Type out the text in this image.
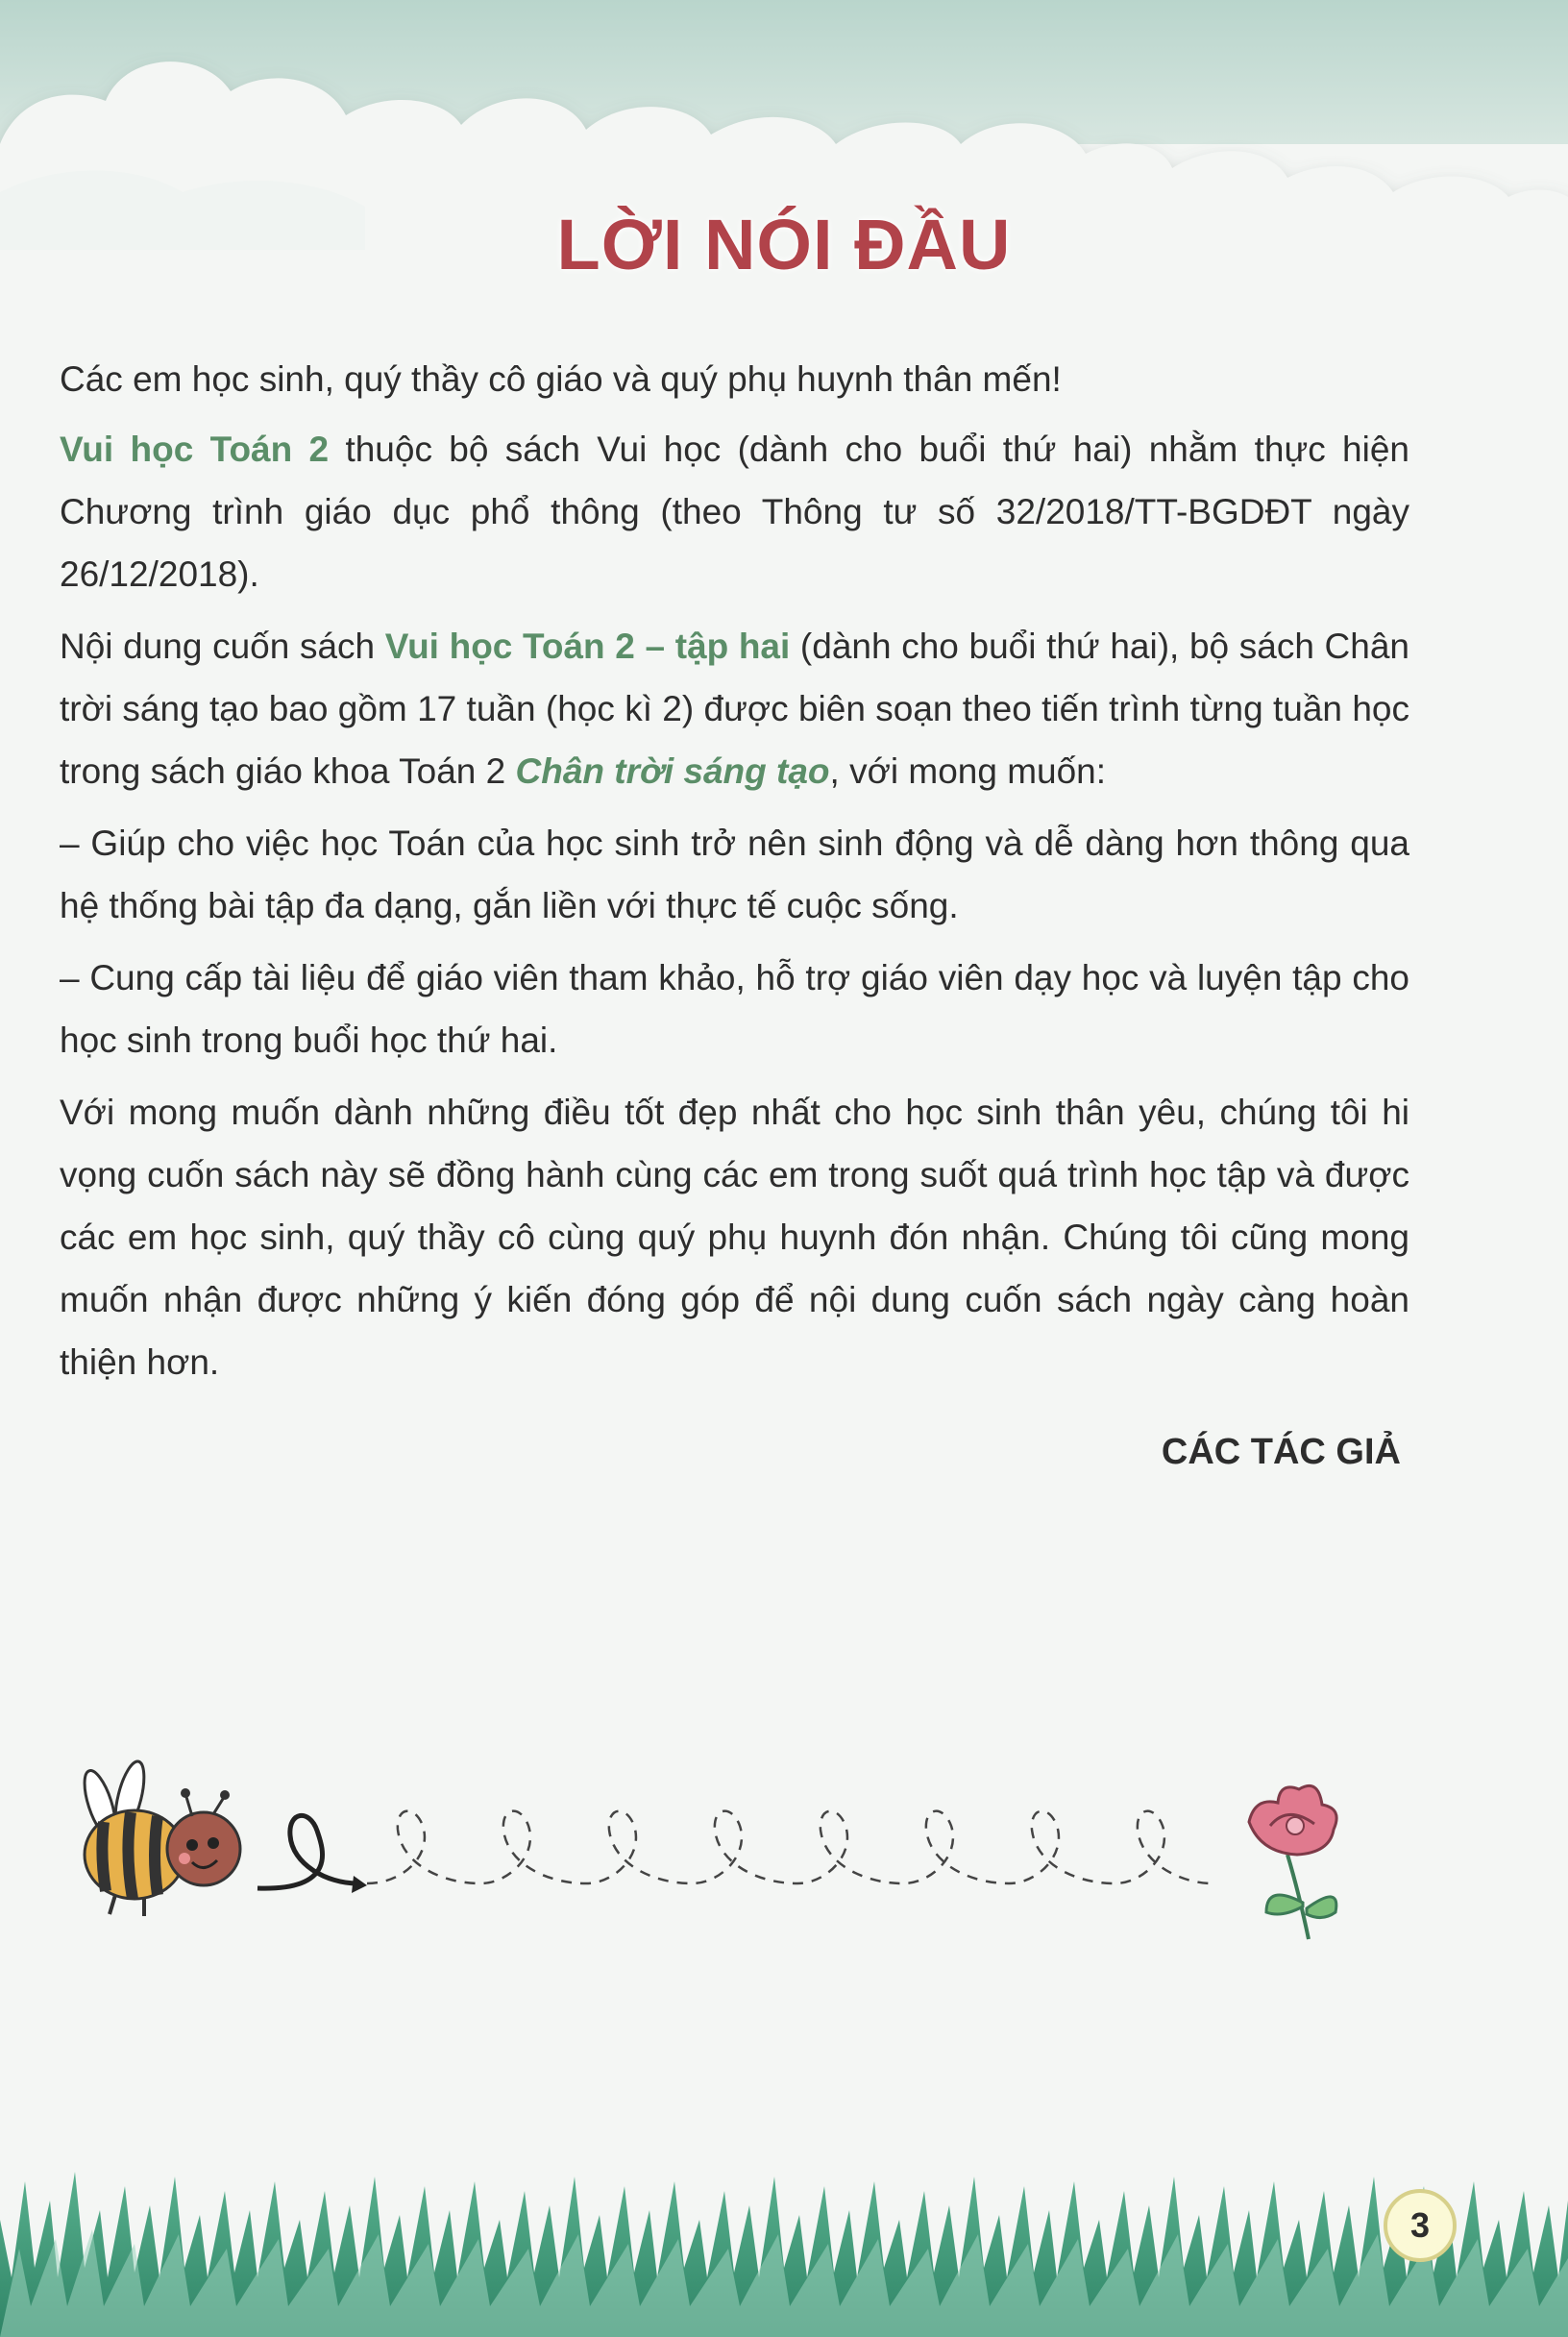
LỜI NÓI ĐẦU

Các em học sinh, quý thầy cô giáo và quý phụ huynh thân mến!

Vui học Toán 2 thuộc bộ sách Vui học (dành cho buổi thứ hai) nhằm thực hiện Chương trình giáo dục phổ thông (theo Thông tư số 32/2018/TT-BGDĐT ngày 26/12/2018).

Nội dung cuốn sách Vui học Toán 2 – tập hai (dành cho buổi thứ hai), bộ sách Chân trời sáng tạo bao gồm 17 tuần (học kì 2) được biên soạn theo tiến trình từng tuần học trong sách giáo khoa Toán 2 Chân trời sáng tạo, với mong muốn:

– Giúp cho việc học Toán của học sinh trở nên sinh động và dễ dàng hơn thông qua hệ thống bài tập đa dạng, gắn liền với thực tế cuộc sống.

– Cung cấp tài liệu để giáo viên tham khảo, hỗ trợ giáo viên dạy học và luyện tập cho học sinh trong buổi học thứ hai.

Với mong muốn dành những điều tốt đẹp nhất cho học sinh thân yêu, chúng tôi hi vọng cuốn sách này sẽ đồng hành cùng các em trong suốt quá trình học tập và được các em học sinh, quý thầy cô cùng quý phụ huynh đón nhận. Chúng tôi cũng mong muốn nhận được những ý kiến đóng góp để nội dung cuốn sách ngày càng hoàn thiện hơn.

CÁC TÁC GIẢ

3
